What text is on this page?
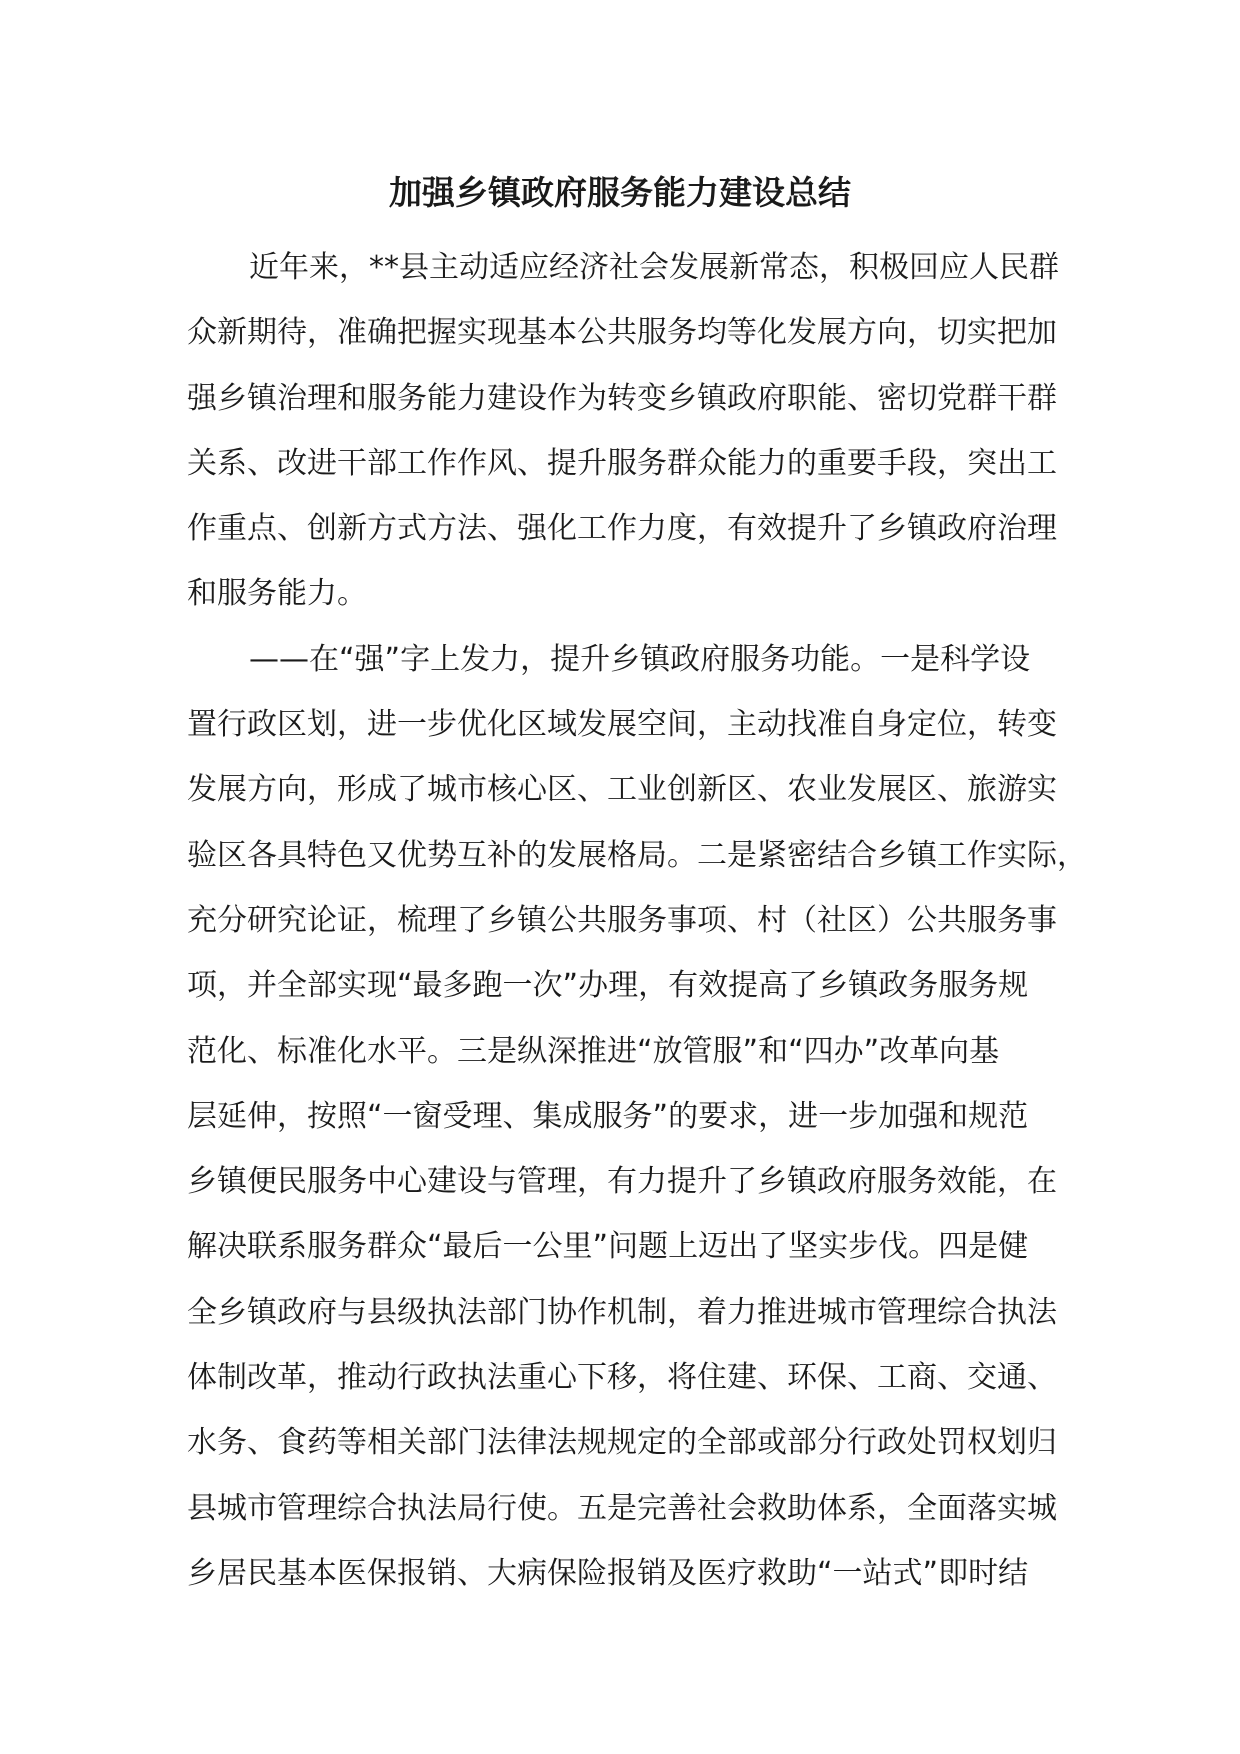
加强乡镇政府服务能力建设总结
近年来，**县主动适应经济社会发展新常态，积极回应人民群
众新期待，准确把握实现基本公共服务均等化发展方向，切实把加
强乡镇治理和服务能力建设作为转变乡镇政府职能、密切党群干群
关系、改进干部工作作风、提升服务群众能力的重要手段，突出工
作重点、创新方式方法、强化工作力度，有效提升了乡镇政府治理
和服务能力。
——在“强”字上发力，提升乡镇政府服务功能。一是科学设
置行政区划，进一步优化区域发展空间，主动找准自身定位，转变
发展方向，形成了城市核心区、工业创新区、农业发展区、旅游实
验区各具特色又优势互补的发展格局。二是紧密结合乡镇工作实际，
充分研究论证，梳理了乡镇公共服务事项、村（社区）公共服务事
项，并全部实现“最多跑一次”办理，有效提高了乡镇政务服务规
范化、标准化水平。三是纵深推进“放管服”和“四办”改革向基
层延伸，按照“一窗受理、集成服务”的要求，进一步加强和规范
乡镇便民服务中心建设与管理，有力提升了乡镇政府服务效能，在
解决联系服务群众“最后一公里”问题上迈出了坚实步伐。四是健
全乡镇政府与县级执法部门协作机制，着力推进城市管理综合执法
体制改革，推动行政执法重心下移，将住建、环保、工商、交通、
水务、食药等相关部门法律法规规定的全部或部分行政处罚权划归
县城市管理综合执法局行使。五是完善社会救助体系，全面落实城
乡居民基本医保报销、大病保险报销及医疗救助“一站式”即时结
